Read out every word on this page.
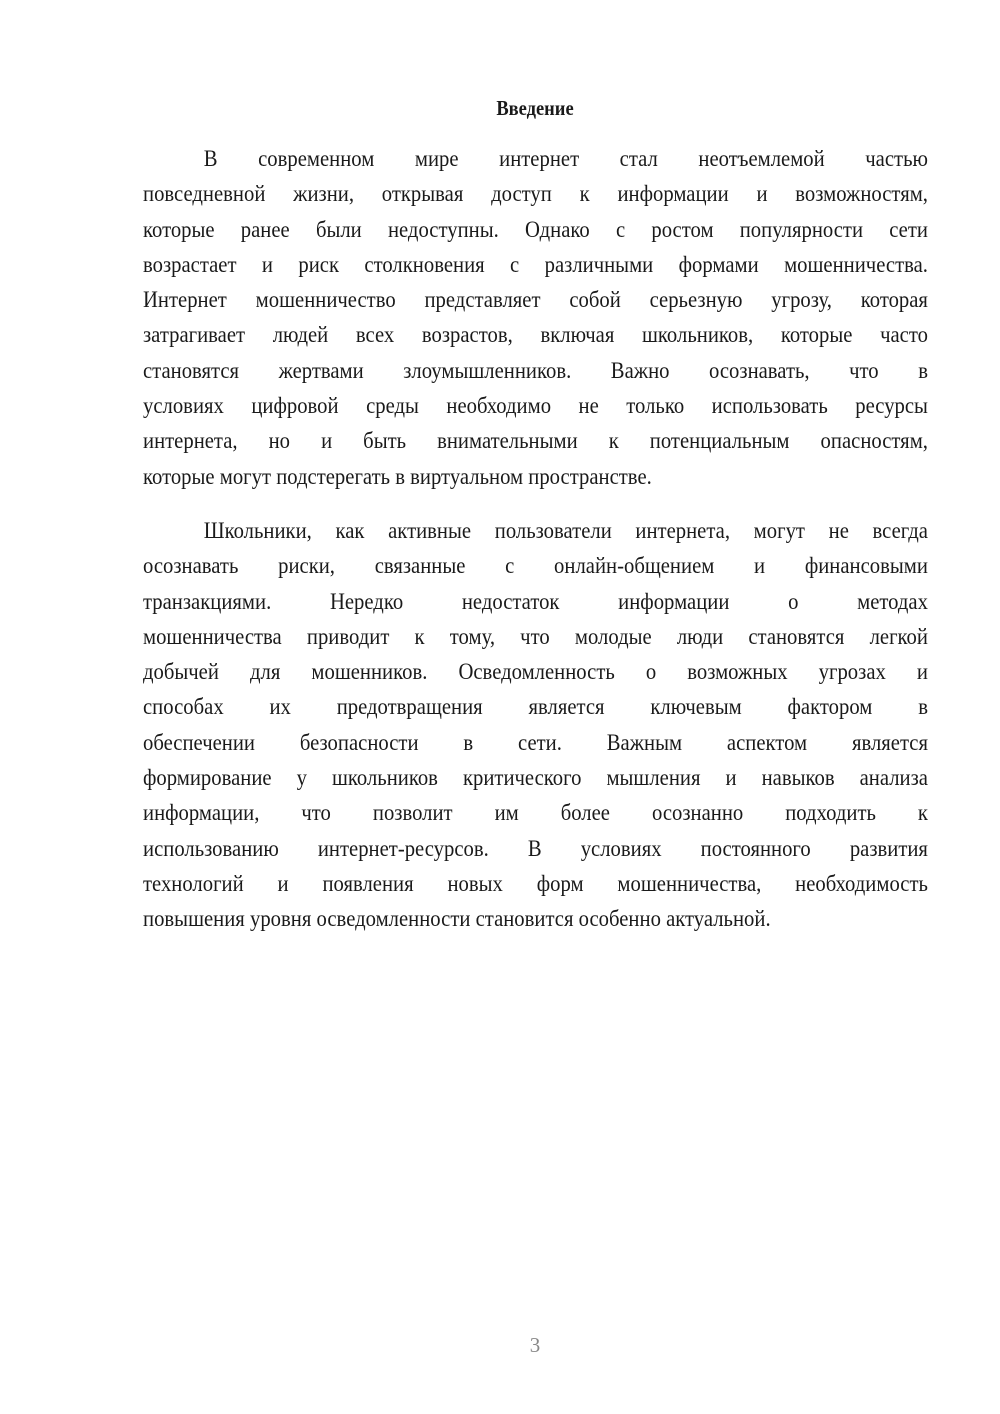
Введение
В современном мире интернет стал неотъемлемой частью
повседневной жизни, открывая доступ к информации и возможностям,
которые ранее были недоступны. Однако с ростом популярности сети
возрастает и риск столкновения с различными формами мошенничества.
Интернет мошенничество представляет собой серьезную угрозу, которая
затрагивает людей всех возрастов, включая школьников, которые часто
становятся жертвами злоумышленников. Важно осознавать, что в
условиях цифровой среды необходимо не только использовать ресурсы
интернета, но и быть внимательными к потенциальным опасностям,
которые могут подстерегать в виртуальном пространстве.
Школьники, как активные пользователи интернета, могут не всегда
осознавать риски, связанные с онлайн-общением и финансовыми
транзакциями. Нередко недостаток информации о методах
мошенничества приводит к тому, что молодые люди становятся легкой
добычей для мошенников. Осведомленность о возможных угрозах и
способах их предотвращения является ключевым фактором в
обеспечении безопасности в сети. Важным аспектом является
формирование у школьников критического мышления и навыков анализа
информации, что позволит им более осознанно подходить к
использованию интернет-ресурсов. В условиях постоянного развития
технологий и появления новых форм мошенничества, необходимость
повышения уровня осведомленности становится особенно актуальной.
3
